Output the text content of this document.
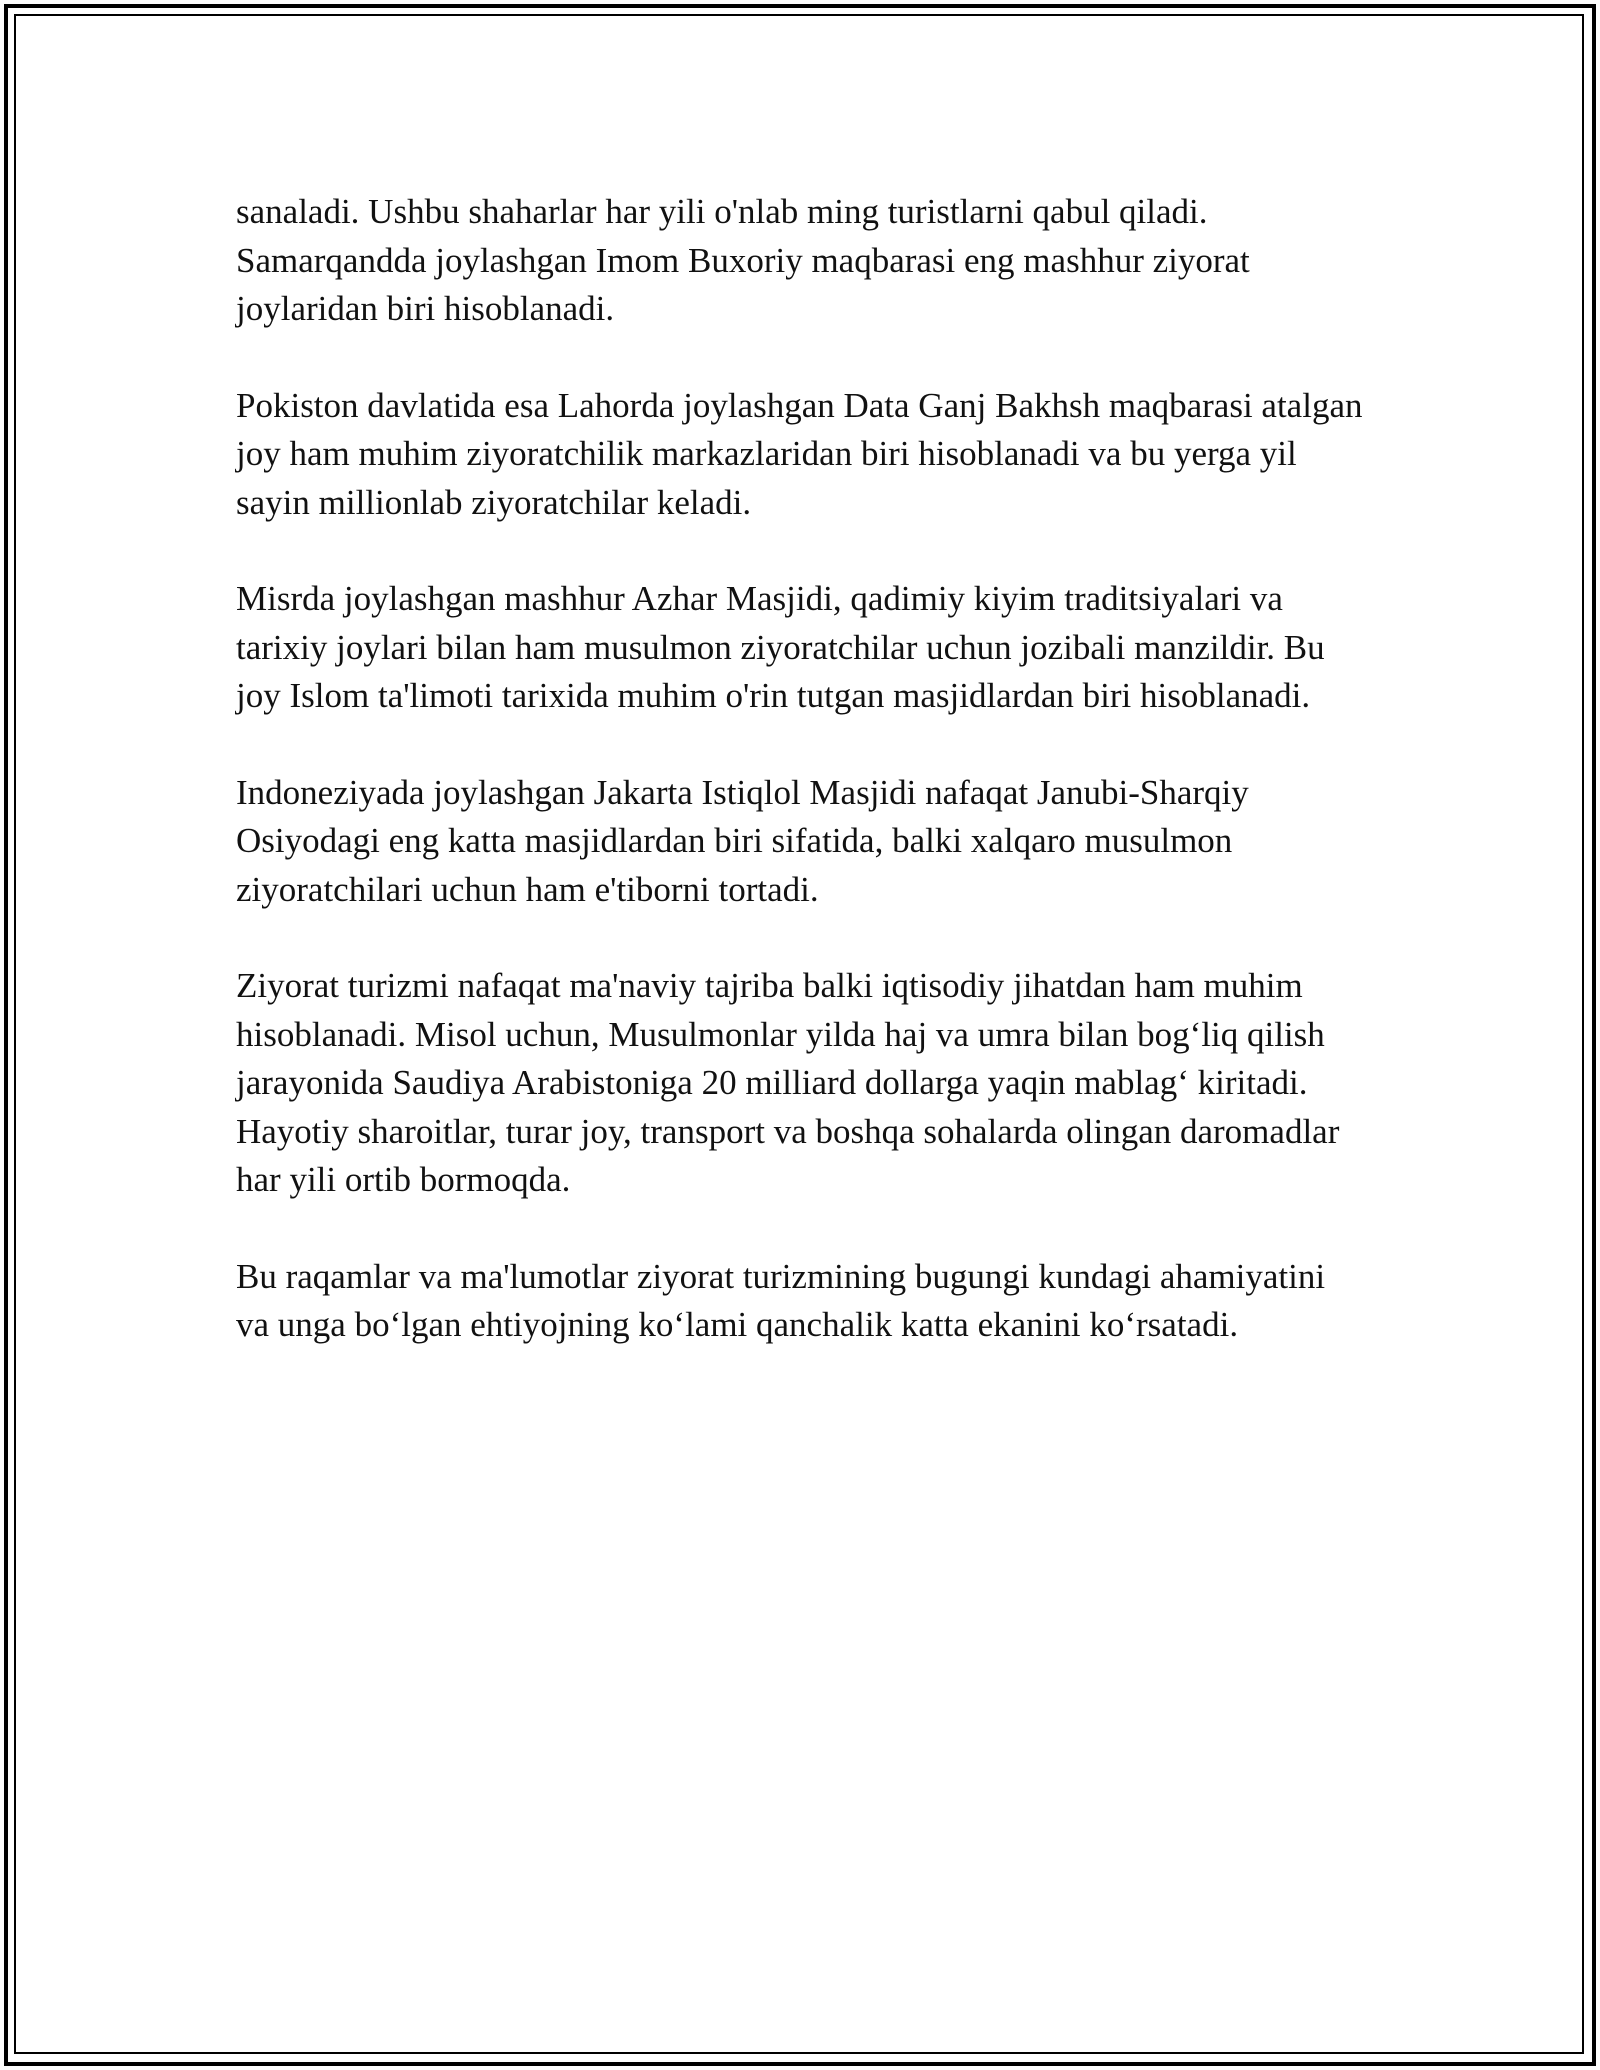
sanaladi. Ushbu shaharlar har yili o'nlab ming turistlarni qabul qiladi. Samarqandda joylashgan Imom Buxoriy maqbarasi eng mashhur ziyorat joylaridan biri hisoblanadi.

Pokiston davlatida esa Lahorda joylashgan Data Ganj Bakhsh maqbarasi atalgan joy ham muhim ziyoratchilik markazlaridan biri hisoblanadi va bu yerga yil sayin millionlab ziyoratchilar keladi.

Misrda joylashgan mashhur Azhar Masjidi, qadimiy kiyim traditsiyalari va tarixiy joylari bilan ham musulmon ziyoratchilar uchun jozibali manzildir. Bu joy Islom ta'limoti tarixida muhim o'rin tutgan masjidlardan biri hisoblanadi.

Indoneziyada joylashgan Jakarta Istiqlol Masjidi nafaqat Janubi-Sharqiy Osiyodagi eng katta masjidlardan biri sifatida, balki xalqaro musulmon ziyoratchilari uchun ham e'tiborni tortadi.

Ziyorat turizmi nafaqat ma'naviy tajriba balki iqtisodiy jihatdan ham muhim hisoblanadi. Misol uchun, Musulmonlar yilda haj va umra bilan bog‘liq qilish jarayonida Saudiya Arabistoniga 20 milliard dollarga yaqin mablag‘ kiritadi. Hayotiy sharoitlar, turar joy, transport va boshqa sohalarda olingan daromadlar har yili ortib bormoqda.

Bu raqamlar va ma'lumotlar ziyorat turizmining bugungi kundagi ahamiyatini va unga bo‘lgan ehtiyojning ko‘lami qanchalik katta ekanini ko‘rsatadi.
